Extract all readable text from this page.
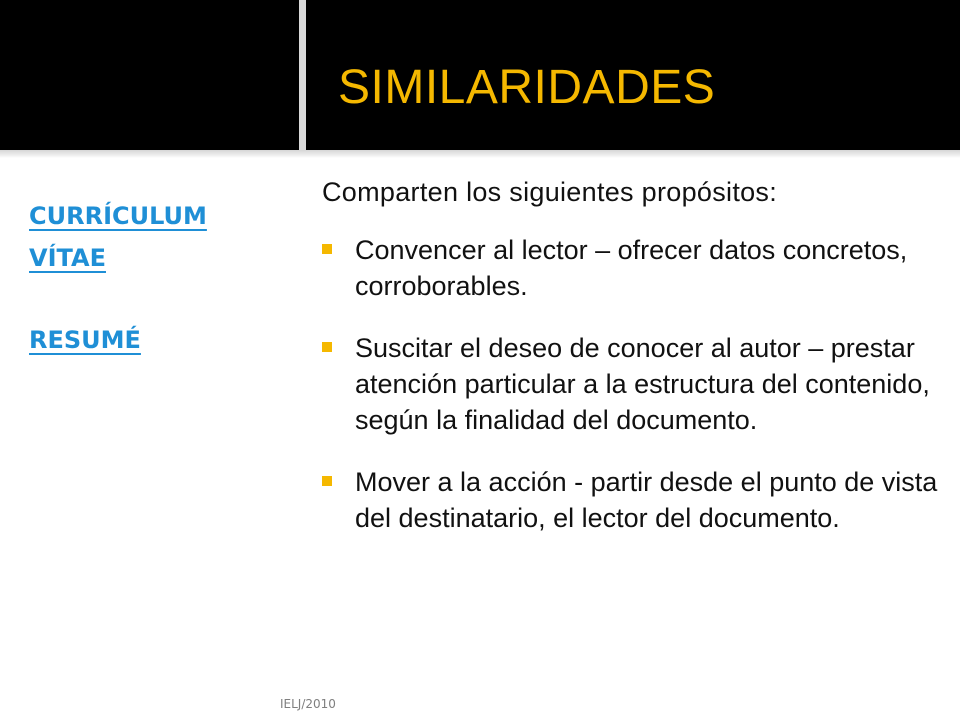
SIMILARIDADES
CURRÍCULUM VÍTAE
RESUMÉ

Comparten los siguientes propósitos:

Convencer al lector – ofrecer datos concretos, corroborables.
Suscitar el deseo de conocer al autor – prestar atención particular a la estructura del contenido, según la finalidad del documento.
Mover a la acción - partir desde el punto de vista del destinatario, el lector del documento.
IELJ/2010
